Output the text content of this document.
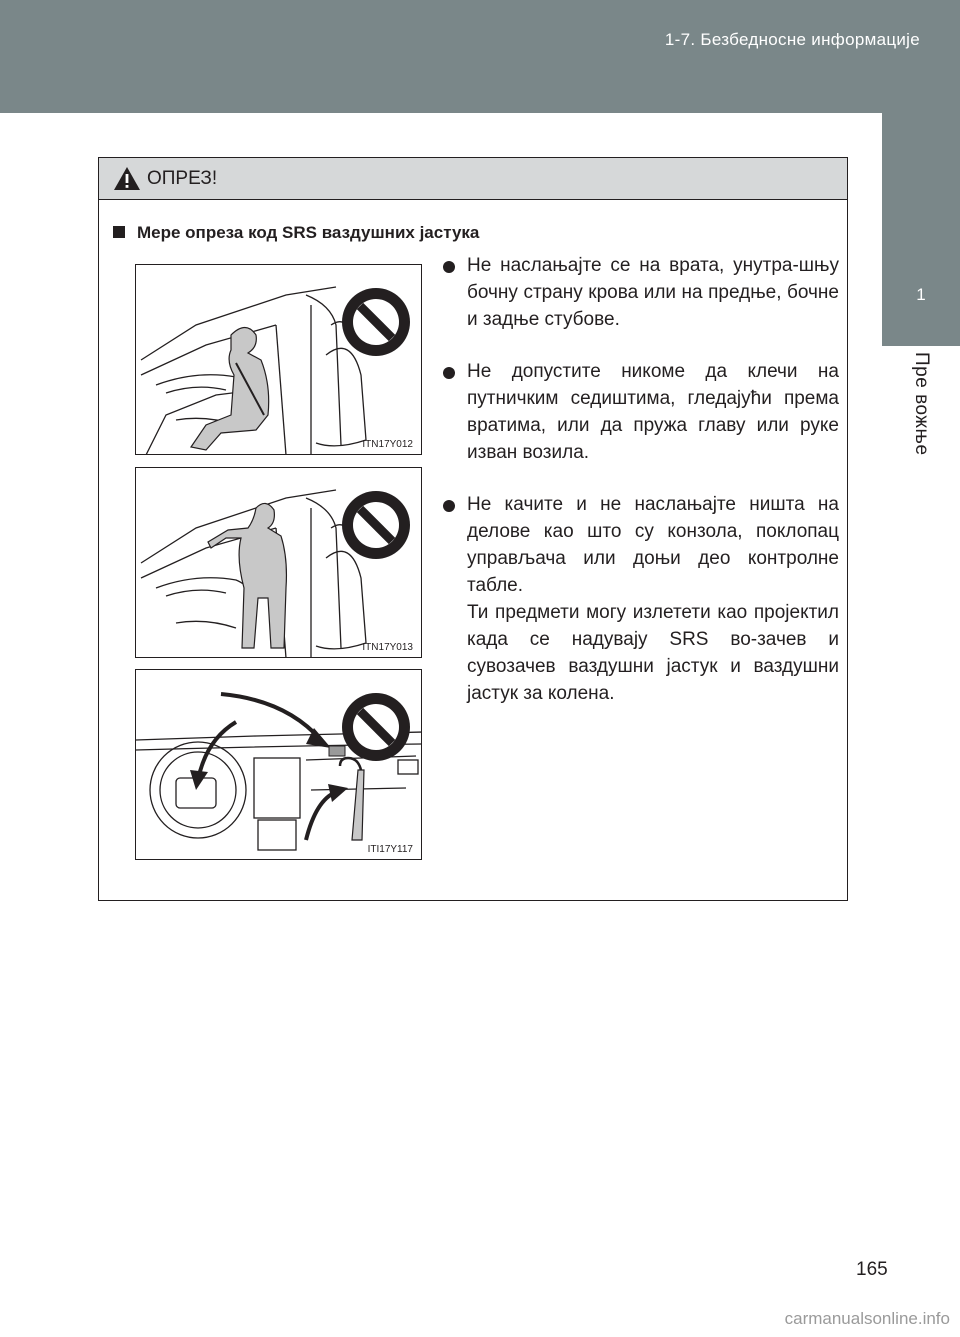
1-7. Безбедносне информације
1
Пре вожње
ОПРЕЗ!
Мере опреза код SRS ваздушних јастука
ITN17Y012
ITN17Y013
ITI17Y117
Не наслањајте се на врата, унутра-шњу бочну страну крова или на предње, бочне и задње стубове.
Не допустите никоме да клечи на путничким седиштима, гледајући према вратима, или да пружа главу или руке изван возила.
Не качите и не наслањајте ништа на делове као што су конзола, поклопац управљача или доњи део контролне табле.
Ти предмети могу излетети као пројектил када се надувају SRS во-зачев и сувозачев ваздушни јастук и ваздушни јастук за колена.
165
carmanualsonline.info
